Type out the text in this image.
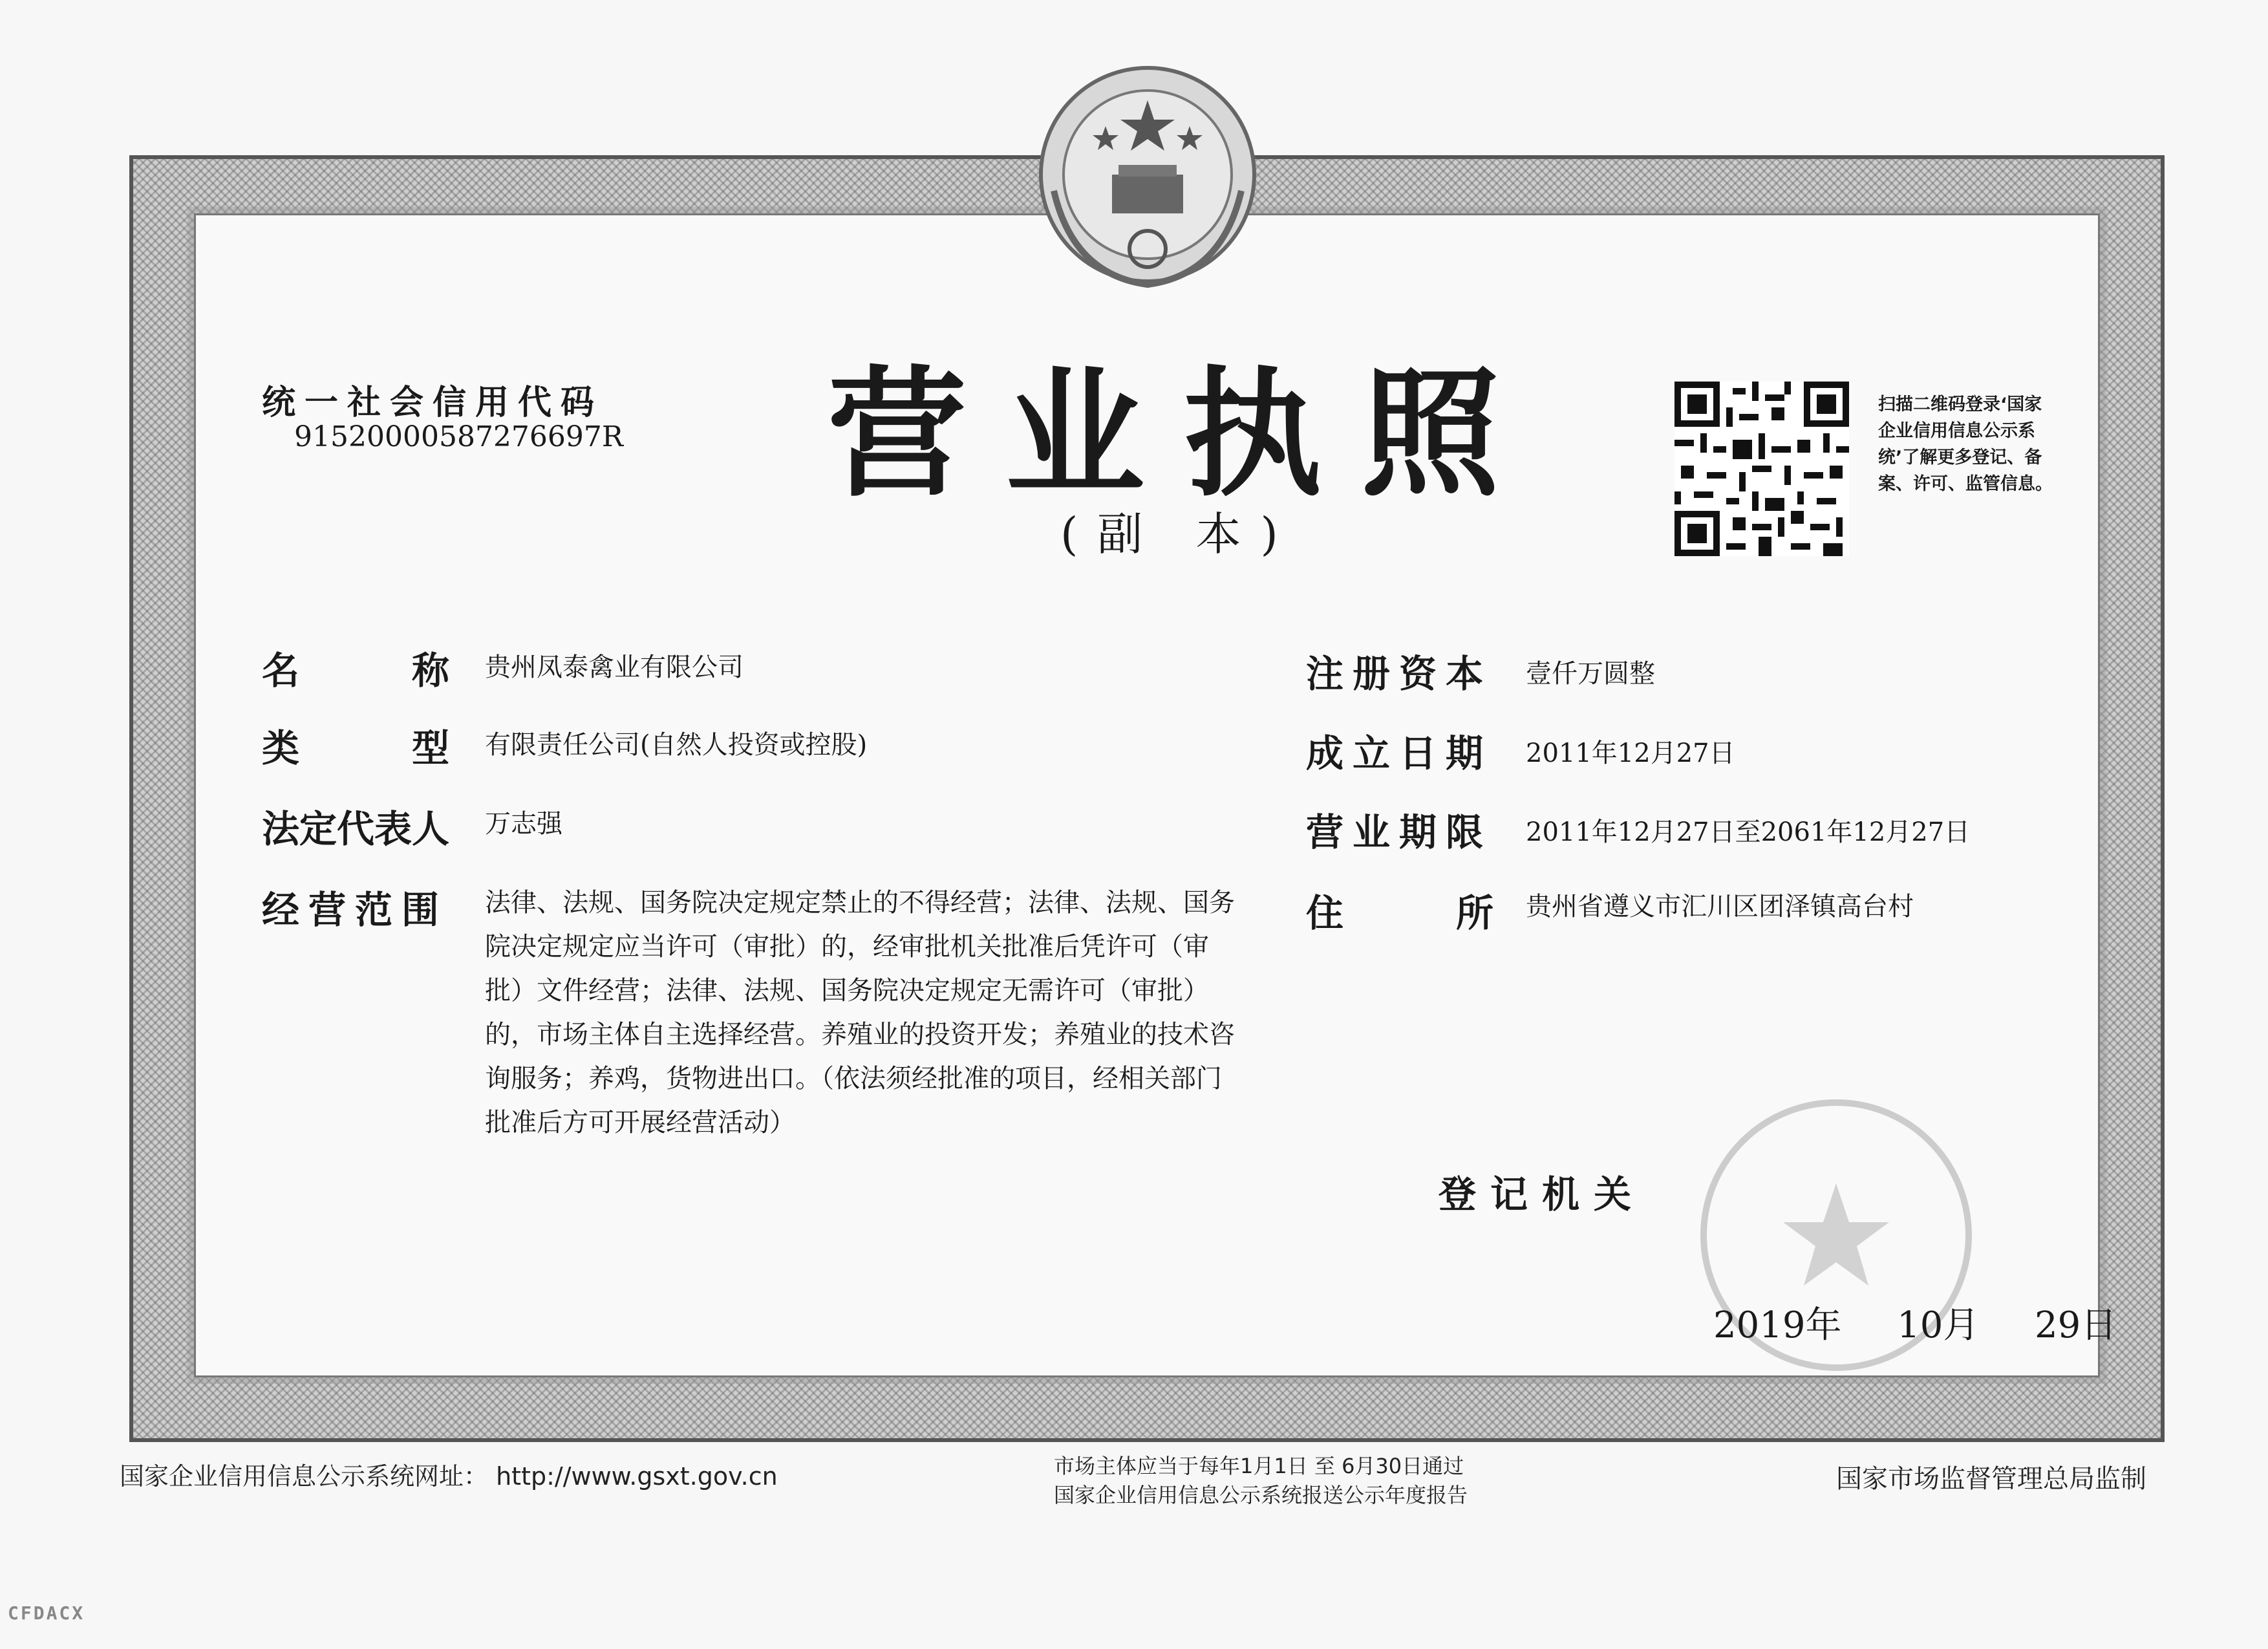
统一社会信用代码
91520000587276697R 营业执照
(副 本)
扫描二维码登录‘国家企业信用信息公示系统’了解更多登记、备案、许可、监管信息。
名	称 贵州凤泰禽业有限公司
类	型 有限责任公司(自然人投资或控股)
法定代表人 万志强
经营范围 法律、法规、国务院决定规定禁止的不得经营；法律、法规、国务院决定规定应当许可（审批）的，经审批机关批准后凭许可（审批）文件经营；法律、法规、国务院决定规定无需许可（审批）的，市场主体自主选择经营。养殖业的投资开发；养殖业的技术咨询服务；养鸡，货物进出口。（依法须经批准的项目，经相关部门批准后方可开展经营活动）
注册资本 壹仟万圆整
成立日期 2011年12月27日
营业期限 2011年12月27日至2061年12月27日
住	所 贵州省遵义市汇川区团泽镇高台村
登记机关
2019年 10月 29日
国家企业信用信息公示系统网址： http://www.gsxt.gov.cn	市场主体应当于每年1月1日 至 6月30日通过
国家企业信用信息公示系统报送公示年度报告
国家市场监督管理总局监制
CFDACX
